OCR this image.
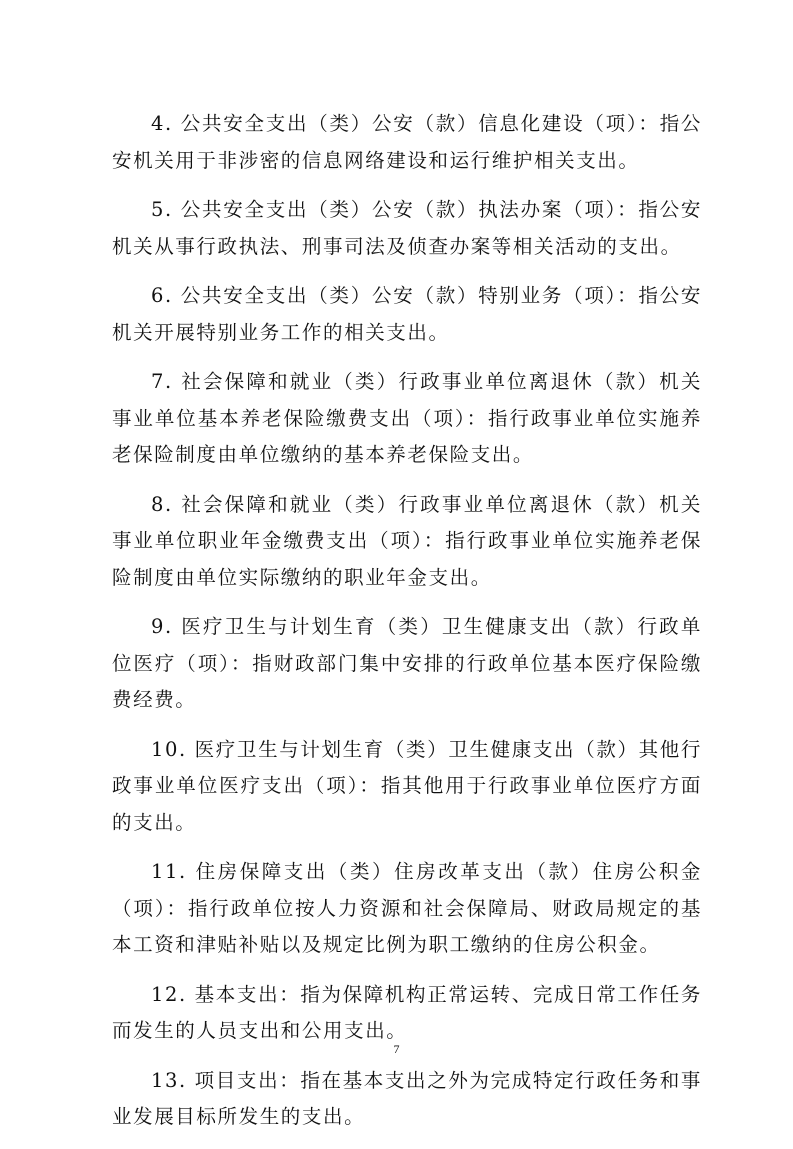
4. 公共安全支出（类）公安（款）信息化建设（项）：指公安机关用于非涉密的信息网络建设和运行维护相关支出。

5. 公共安全支出（类）公安（款）执法办案（项）：指公安机关从事行政执法、刑事司法及侦查办案等相关活动的支出。

6. 公共安全支出（类）公安（款）特别业务（项）：指公安机关开展特别业务工作的相关支出。

7. 社会保障和就业（类）行政事业单位离退休（款）机关事业单位基本养老保险缴费支出（项）：指行政事业单位实施养老保险制度由单位缴纳的基本养老保险支出。

8. 社会保障和就业（类）行政事业单位离退休（款）机关事业单位职业年金缴费支出（项）：指行政事业单位实施养老保险制度由单位实际缴纳的职业年金支出。

9. 医疗卫生与计划生育（类）卫生健康支出（款）行政单位医疗（项）：指财政部门集中安排的行政单位基本医疗保险缴费经费。

10. 医疗卫生与计划生育（类）卫生健康支出（款）其他行政事业单位医疗支出（项）：指其他用于行政事业单位医疗方面的支出。

11. 住房保障支出（类）住房改革支出（款）住房公积金（项）：指行政单位按人力资源和社会保障局、财政局规定的基本工资和津贴补贴以及规定比例为职工缴纳的住房公积金。

12. 基本支出：指为保障机构正常运转、完成日常工作任务而发生的人员支出和公用支出。

13. 项目支出：指在基本支出之外为完成特定行政任务和事业发展目标所发生的支出。

7
